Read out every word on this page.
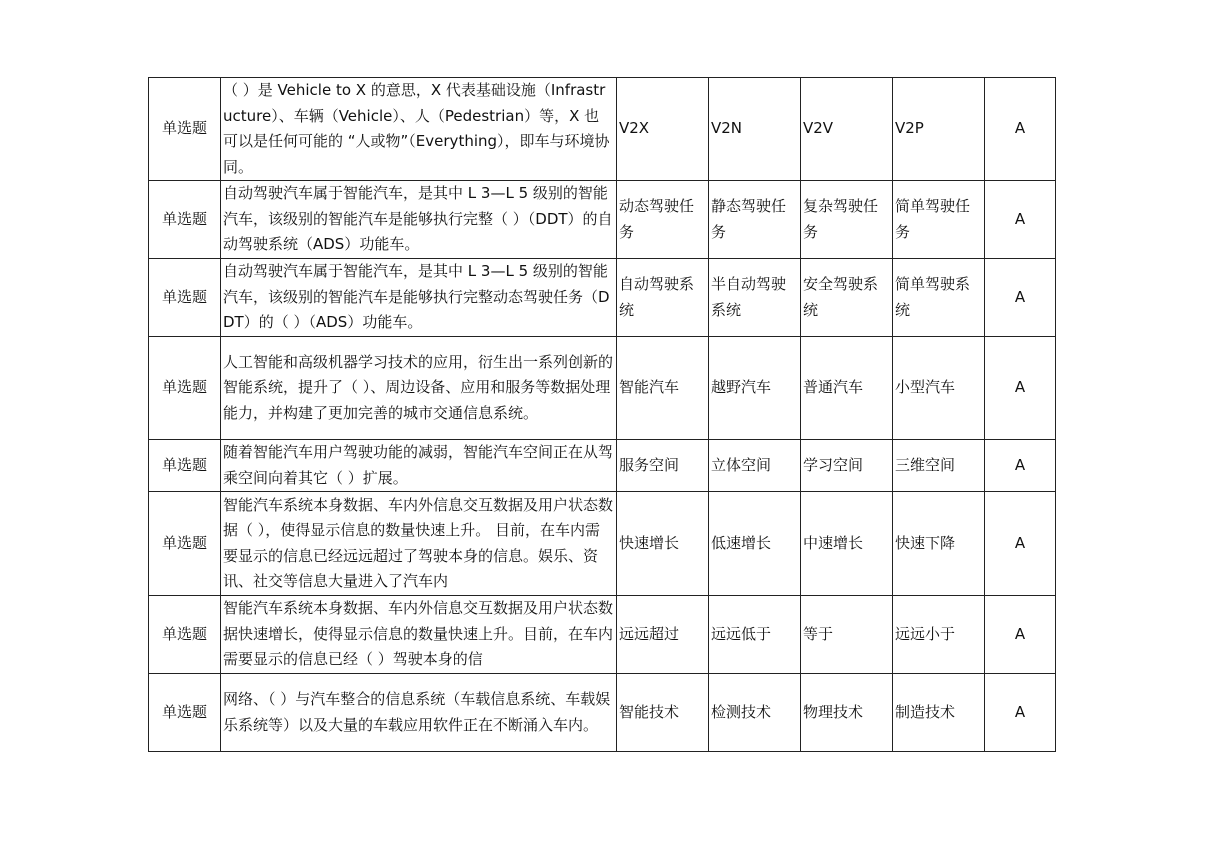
单选题	（ ）是 Vehicle to X 的意思，X 代表基础设施（Infrastructure）、车辆（Vehicle）、人（Pedestrian）等，X 也可以是任何可能的 “人或物”（Everything），即车与环境协同。	V2X	V2N	V2V	V2P	A
单选题	自动驾驶汽车属于智能汽车，是其中 L 3—L 5 级别的智能汽车，该级别的智能汽车是能够执行完整（ ）（DDT）的自动驾驶系统（ADS）功能车。	动态驾驶任务	静态驾驶任务	复杂驾驶任务	简单驾驶任务	A
单选题	自动驾驶汽车属于智能汽车，是其中 L 3—L 5 级别的智能汽车，该级别的智能汽车是能够执行完整动态驾驶任务（DDT）的（ ）（ADS）功能车。	自动驾驶系统	半自动驾驶系统	安全驾驶系统	简单驾驶系统	A
单选题	人工智能和高级机器学习技术的应用，衍生出一系列创新的智能系统，提升了（ ）、周边设备、应用和服务等数据处理能力，并构建了更加完善的城市交通信息系统。	智能汽车	越野汽车	普通汽车	小型汽车	A
单选题	随着智能汽车用户驾驶功能的减弱，智能汽车空间正在从驾乘空间向着其它（ ）扩展。	服务空间	立体空间	学习空间	三维空间	A
单选题	智能汽车系统本身数据、车内外信息交互数据及用户状态数据（ ），使得显示信息的数量快速上升。 目前，在车内需要显示的信息已经远远超过了驾驶本身的信息。娱乐、资讯、社交等信息大量进入了汽车内	快速增长	低速增长	中速增长	快速下降	A
单选题	智能汽车系统本身数据、车内外信息交互数据及用户状态数据快速增长，使得显示信息的数量快速上升。目前，在车内需要显示的信息已经（ ）驾驶本身的信	远远超过	远远低于	等于	远远小于	A
单选题	网络、（ ）与汽车整合的信息系统（车载信息系统、车载娱乐系统等）以及大量的车载应用软件正在不断涌入车内。	智能技术	检测技术	物理技术	制造技术	A
